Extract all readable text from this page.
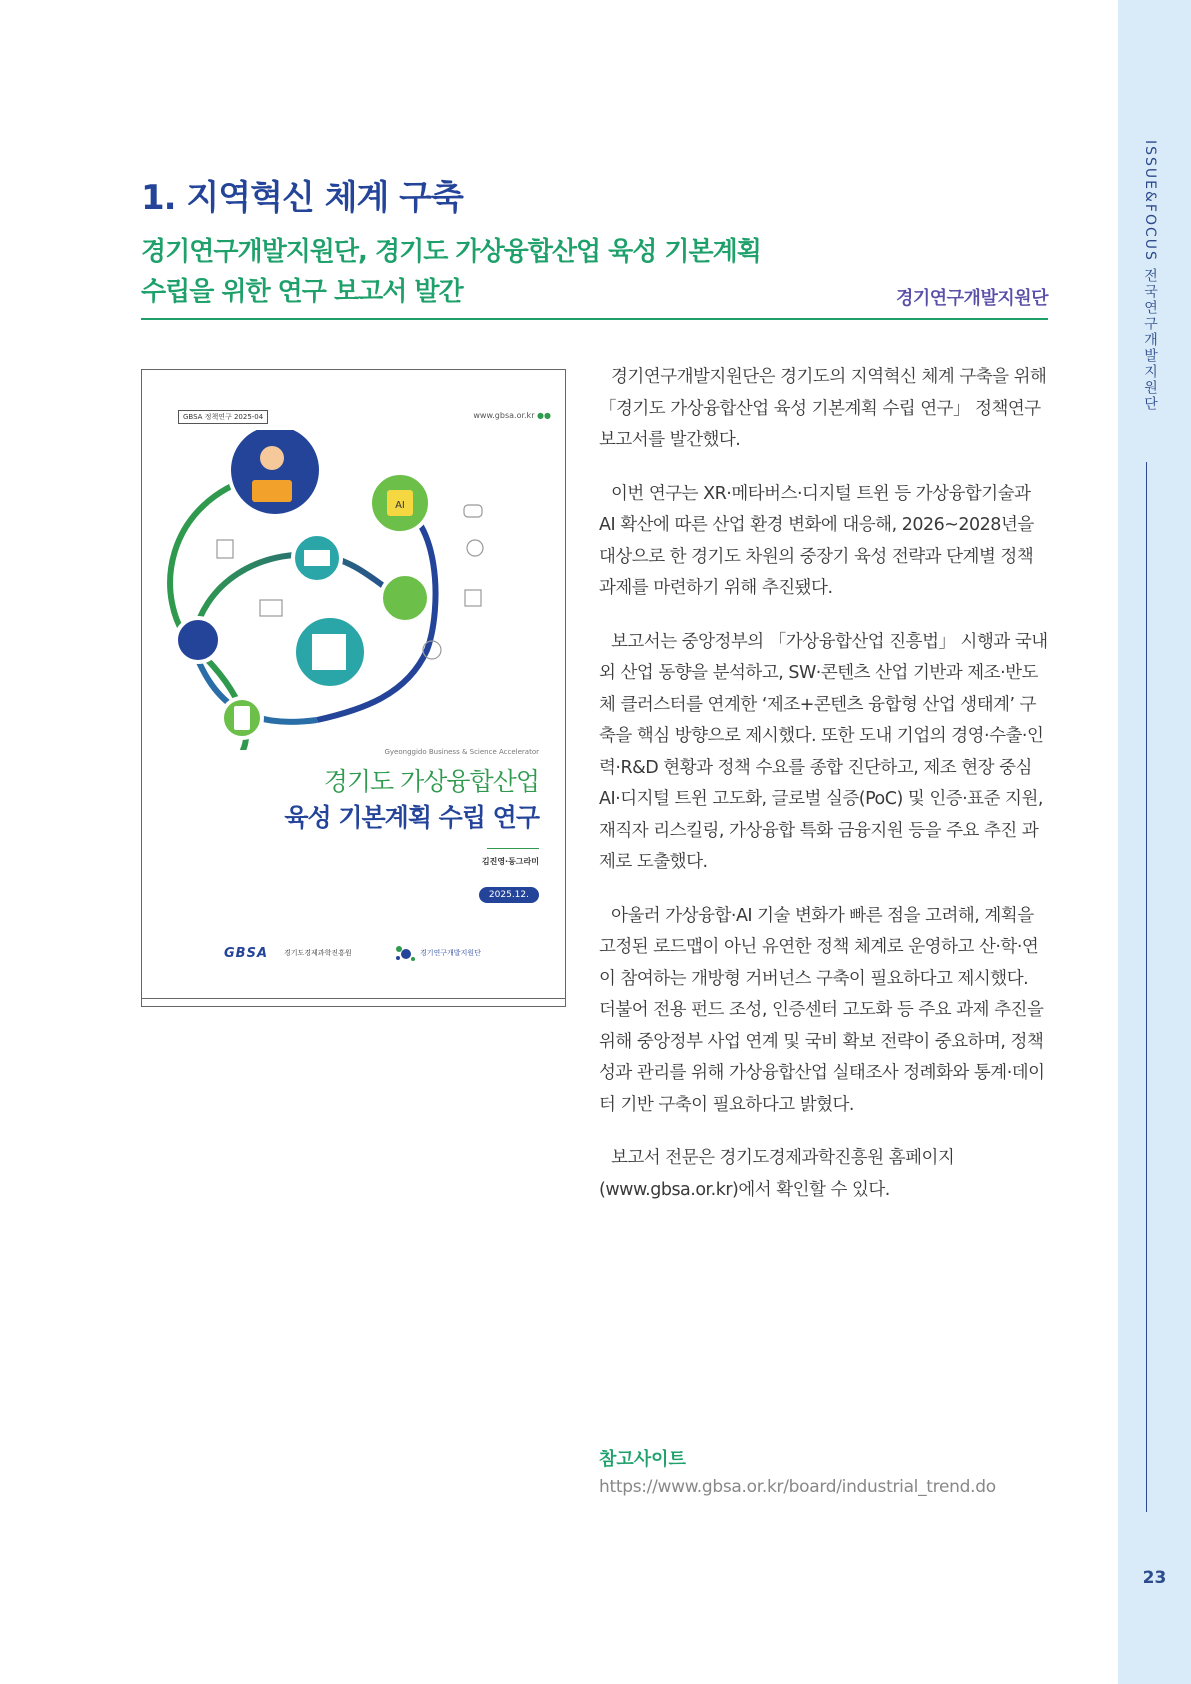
ISSUE&FOCUS 전국연구개발지원단
23
1. 지역혁신 체계 구축
경기연구개발지원단, 경기도 가상융합산업 육성 기본계획
수립을 위한 연구 보고서 발간	경기연구개발지원단
GBSA 정책연구 2025-04	www.gbsa.or.kr ●●
AI
Gyeonggido Business & Science Accelerator
경기도 가상융합산업
육성 기본계획 수립 연구
김진영·동그라미
2025.12.
GBSA 경기도경제과학진흥원	경기연구개발지원단

경기연구개발지원단은 경기도의 지역혁신 체계 구축을 위해 「경기도 가상융합산업 육성 기본계획 수립 연구」 정책연구 보고서를 발간했다.

이번 연구는 XR·메타버스·디지털 트윈 등 가상융합기술과 AI 확산에 따른 산업 환경 변화에 대응해, 2026~2028년을 대상으로 한 경기도 차원의 중장기 육성 전략과 단계별 정책 과제를 마련하기 위해 추진됐다.

보고서는 중앙정부의 「가상융합산업 진흥법」 시행과 국내외 산업 동향을 분석하고, SW·콘텐츠 산업 기반과 제조·반도체 클러스터를 연계한 ‘제조+콘텐츠 융합형 산업 생태계’ 구축을 핵심 방향으로 제시했다. 또한 도내 기업의 경영·수출·인력·R&D 현황과 정책 수요를 종합 진단하고, 제조 현장 중심 AI·디지털 트윈 고도화, 글로벌 실증(PoC) 및 인증·표준 지원, 재직자 리스킬링, 가상융합 특화 금융지원 등을 주요 추진 과제로 도출했다.

아울러 가상융합·AI 기술 변화가 빠른 점을 고려해, 계획을 고정된 로드맵이 아닌 유연한 정책 체계로 운영하고 산·학·연이 참여하는 개방형 거버넌스 구축이 필요하다고 제시했다. 더불어 전용 펀드 조성, 인증센터 고도화 등 주요 과제 추진을 위해 중앙정부 사업 연계 및 국비 확보 전략이 중요하며, 정책 성과 관리를 위해 가상융합산업 실태조사 정례화와 통계·데이터 기반 구축이 필요하다고 밝혔다.

보고서 전문은 경기도경제과학진흥원 홈페이지(www.gbsa.or.kr)에서 확인할 수 있다.

참고사이트
https://www.gbsa.or.kr/board/industrial_trend.do
